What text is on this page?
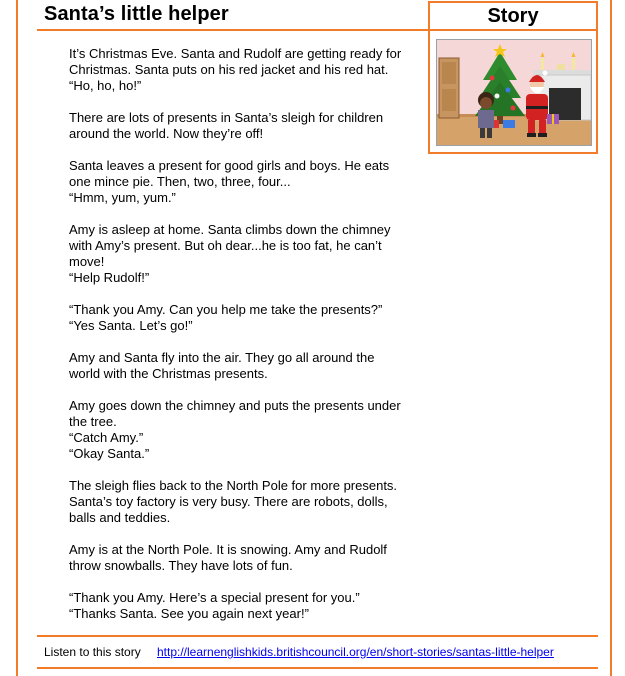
Santa’s little helper	Story

It’s Christmas Eve. Santa and Rudolf are getting ready for
Christmas. Santa puts on his red jacket and his red hat.
“Ho, ho, ho!”

There are lots of presents in Santa’s sleigh for children
around the world. Now they’re off!

Santa leaves a present for good girls and boys. He eats
one mince pie. Then, two, three, four...
“Hmm, yum, yum.”

Amy is asleep at home. Santa climbs down the chimney
with Amy’s present. But oh dear...he is too fat, he can’t
move!
“Help Rudolf!”

“Thank you Amy. Can you help me take the presents?”
“Yes Santa. Let’s go!”

Amy and Santa fly into the air. They go all around the
world with the Christmas presents.

Amy goes down the chimney and puts the presents under
the tree.
“Catch Amy.”
“Okay Santa.”

The sleigh flies back to the North Pole for more presents.
Santa’s toy factory is very busy. There are robots, dolls,
balls and teddies.

Amy is at the North Pole. It is snowing. Amy and Rudolf
throw snowballs. They have lots of fun.

“Thank you Amy. Here’s a special present for you.”
“Thanks Santa. See you again next year!”

Listen to this story http://learnenglishkids.britishcouncil.org/en/short-stories/santas-little-helper
